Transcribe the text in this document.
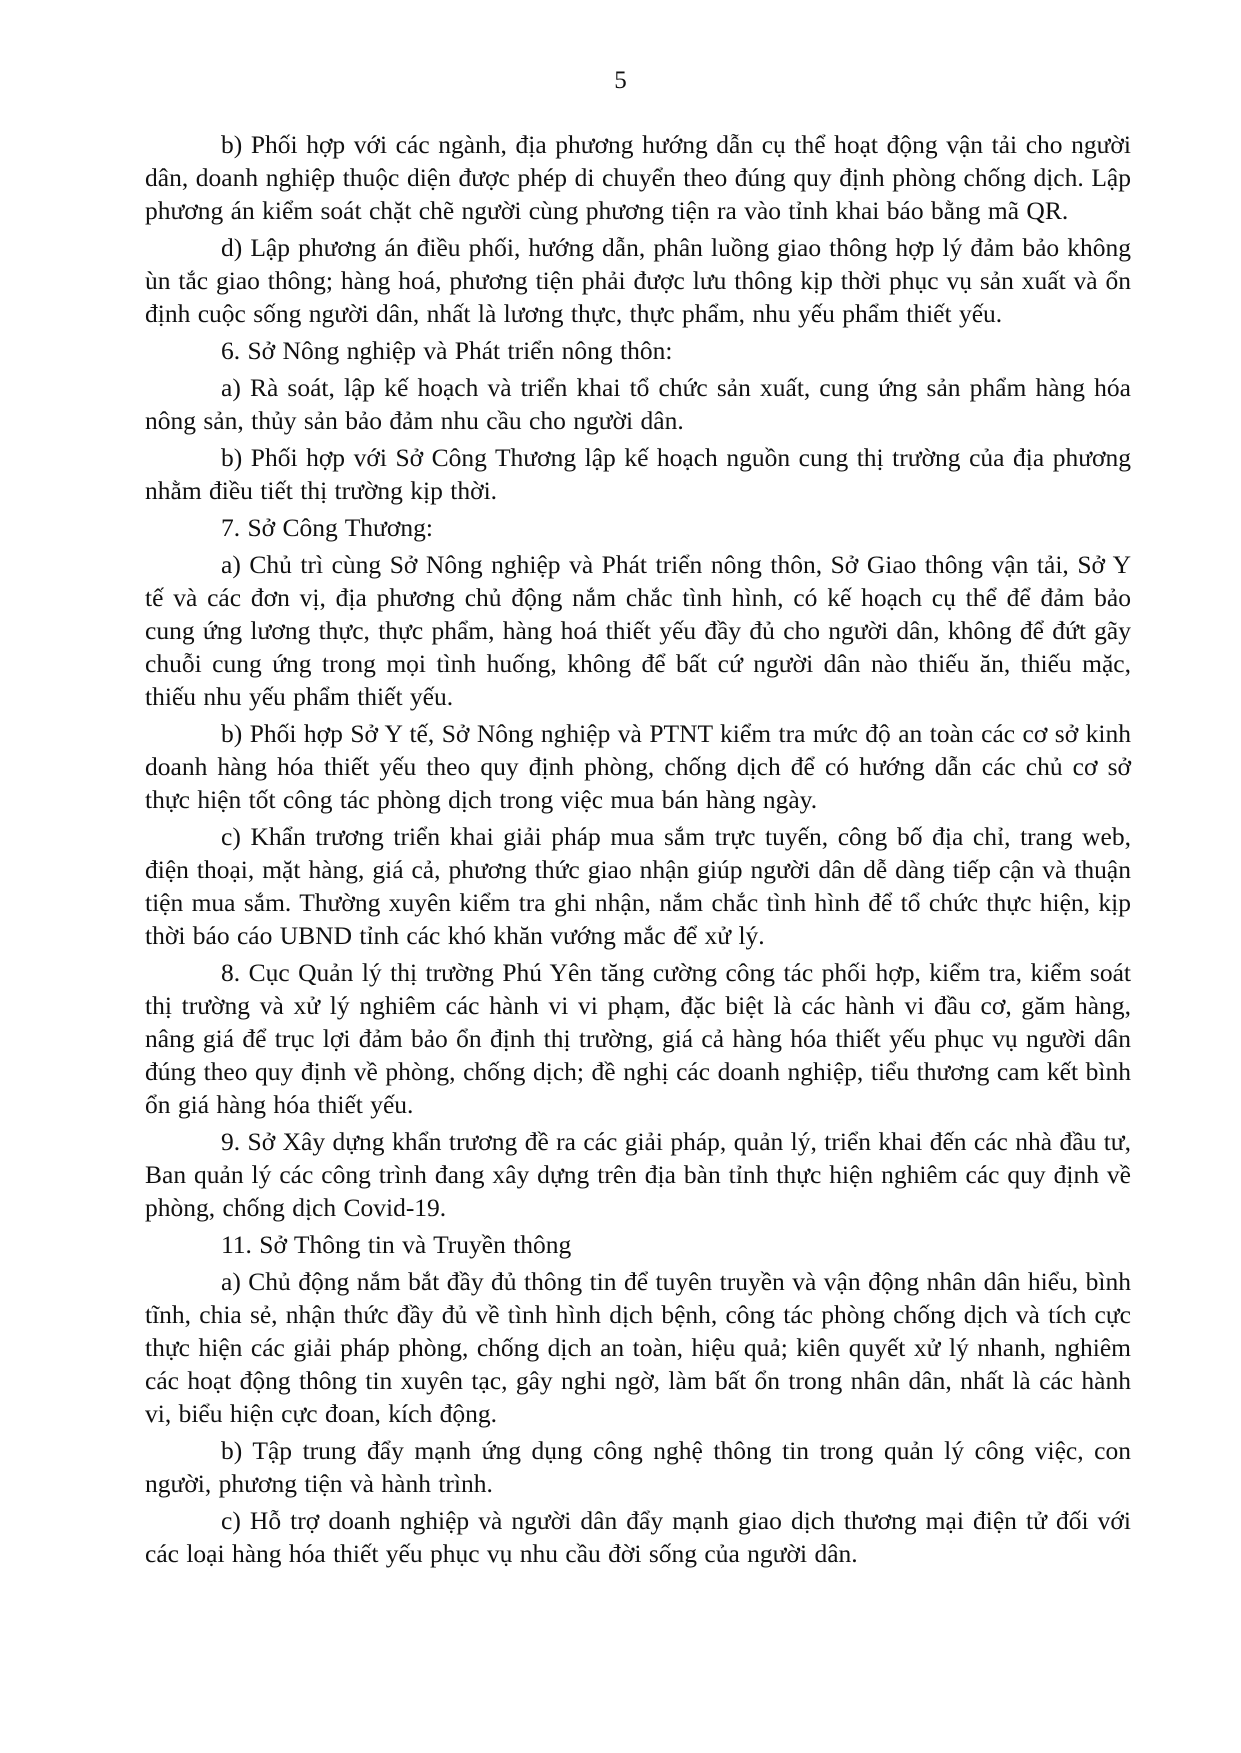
5

b) Phối hợp với các ngành, địa phương hướng dẫn cụ thể hoạt động vận tải cho người dân, doanh nghiệp thuộc diện được phép di chuyển theo đúng quy định phòng chống dịch. Lập phương án kiểm soát chặt chẽ người cùng phương tiện ra vào tỉnh khai báo bằng mã QR.

d) Lập phương án điều phối, hướng dẫn, phân luồng giao thông hợp lý đảm bảo không ùn tắc giao thông; hàng hoá, phương tiện phải được lưu thông kịp thời phục vụ sản xuất và ổn định cuộc sống người dân, nhất là lương thực, thực phẩm, nhu yếu phẩm thiết yếu.

6. Sở Nông nghiệp và Phát triển nông thôn:

a) Rà soát, lập kế hoạch và triển khai tổ chức sản xuất, cung ứng sản phẩm hàng hóa nông sản, thủy sản bảo đảm nhu cầu cho người dân.

b) Phối hợp với Sở Công Thương lập kế hoạch nguồn cung thị trường của địa phương nhằm điều tiết thị trường kịp thời.

7. Sở Công Thương:

a) Chủ trì cùng Sở Nông nghiệp và Phát triển nông thôn, Sở Giao thông vận tải, Sở Y tế và các đơn vị, địa phương chủ động nắm chắc tình hình, có kế hoạch cụ thể để đảm bảo cung ứng lương thực, thực phẩm, hàng hoá thiết yếu đầy đủ cho người dân, không để đứt gãy chuỗi cung ứng trong mọi tình huống, không để bất cứ người dân nào thiếu ăn, thiếu mặc, thiếu nhu yếu phẩm thiết yếu.

b) Phối hợp Sở Y tế, Sở Nông nghiệp và PTNT kiểm tra mức độ an toàn các cơ sở kinh doanh hàng hóa thiết yếu theo quy định phòng, chống dịch để có hướng dẫn các chủ cơ sở thực hiện tốt công tác phòng dịch trong việc mua bán hàng ngày.

c) Khẩn trương triển khai giải pháp mua sắm trực tuyến, công bố địa chỉ, trang web, điện thoại, mặt hàng, giá cả, phương thức giao nhận giúp người dân dễ dàng tiếp cận và thuận tiện mua sắm. Thường xuyên kiểm tra ghi nhận, nắm chắc tình hình để tổ chức thực hiện, kịp thời báo cáo UBND tỉnh các khó khăn vướng mắc để xử lý.

8. Cục Quản lý thị trường Phú Yên tăng cường công tác phối hợp, kiểm tra, kiểm soát thị trường và xử lý nghiêm các hành vi vi phạm, đặc biệt là các hành vi đầu cơ, găm hàng, nâng giá để trục lợi đảm bảo ổn định thị trường, giá cả hàng hóa thiết yếu phục vụ người dân đúng theo quy định về phòng, chống dịch; đề nghị các doanh nghiệp, tiểu thương cam kết bình ổn giá hàng hóa thiết yếu.

9. Sở Xây dựng khẩn trương đề ra các giải pháp, quản lý, triển khai đến các nhà đầu tư, Ban quản lý các công trình đang xây dựng trên địa bàn tỉnh thực hiện nghiêm các quy định về phòng, chống dịch Covid-19.

11. Sở Thông tin và Truyền thông

a) Chủ động nắm bắt đầy đủ thông tin để tuyên truyền và vận động nhân dân hiểu, bình tĩnh, chia sẻ, nhận thức đầy đủ về tình hình dịch bệnh, công tác phòng chống dịch và tích cực thực hiện các giải pháp phòng, chống dịch an toàn, hiệu quả; kiên quyết xử lý nhanh, nghiêm các hoạt động thông tin xuyên tạc, gây nghi ngờ, làm bất ổn trong nhân dân, nhất là các hành vi, biểu hiện cực đoan, kích động.

b) Tập trung đẩy mạnh ứng dụng công nghệ thông tin trong quản lý công việc, con người, phương tiện và hành trình.

c) Hỗ trợ doanh nghiệp và người dân đẩy mạnh giao dịch thương mại điện tử đối với các loại hàng hóa thiết yếu phục vụ nhu cầu đời sống của người dân.
